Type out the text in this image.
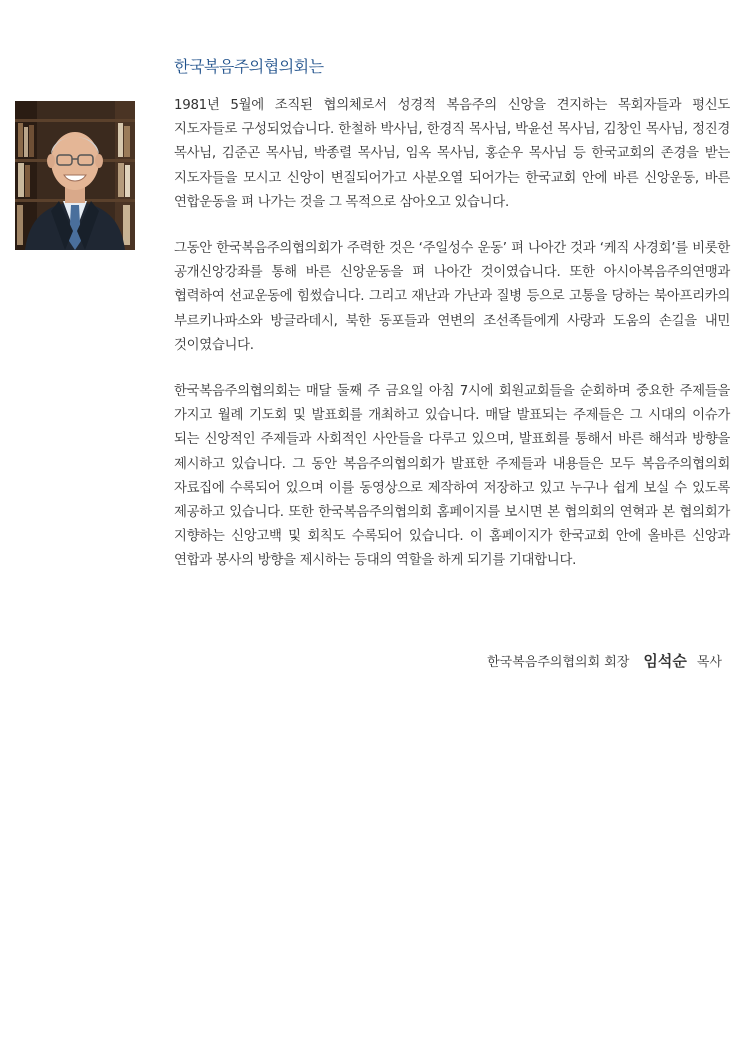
한국복음주의협의회는

1981년 5월에 조직된 협의체로서 성경적 복음주의 신앙을 견지하는 목회자들과 평신도 지도자들로 구성되었습니다. 한철하 박사님, 한경직 목사님, 박윤선 목사님, 김창인 목사님, 정진경 목사님, 김준곤 목사님, 박종렬 목사님, 임옥 목사님, 홍순우 목사님 등 한국교회의 존경을 받는 지도자들을 모시고 신앙이 변질되어가고 사분오열 되어가는 한국교회 안에 바른 신앙운동, 바른 연합운동을 펴 나가는 것을 그 목적으로 삼아오고 있습니다.

그동안 한국복음주의협의회가 주력한 것은 ‘주일성수 운동’ 펴 나아간 것과 ‘케직 사경회’를 비롯한 공개신앙강좌를 통해 바른 신앙운동을 펴 나아간 것이였습니다. 또한 아시아복음주의연맹과 협력하여 선교운동에 힘썼습니다. 그리고 재난과 가난과 질병 등으로 고통을 당하는 북아프리카의 부르키나파소와 방글라데시, 북한 동포들과 연변의 조선족들에게 사랑과 도움의 손길을 내민 것이였습니다.

한국복음주의협의회는 매달 둘째 주 금요일 아침 7시에 회원교회들을 순회하며 중요한 주제들을 가지고 월례 기도회 및 발표회를 개최하고 있습니다. 매달 발표되는 주제들은 그 시대의 이슈가 되는 신앙적인 주제들과 사회적인 사안들을 다루고 있으며, 발표회를 통해서 바른 해석과 방향을 제시하고 있습니다. 그 동안 복음주의협의회가 발표한 주제들과 내용들은 모두 복음주의협의회 자료집에 수록되어 있으며 이를 동영상으로 제작하여 저장하고 있고 누구나 쉽게 보실 수 있도록 제공하고 있습니다. 또한 한국복음주의협의회 홈페이지를 보시면 본 협의회의 연혁과 본 협의회가 지향하는 신앙고백 및 회칙도 수록되어 있습니다. 이 홈페이지가 한국교회 안에 올바른 신앙과 연합과 봉사의 방향을 제시하는 등대의 역할을 하게 되기를 기대합니다.

한국복음주의협의회 회장 임석순 목사
